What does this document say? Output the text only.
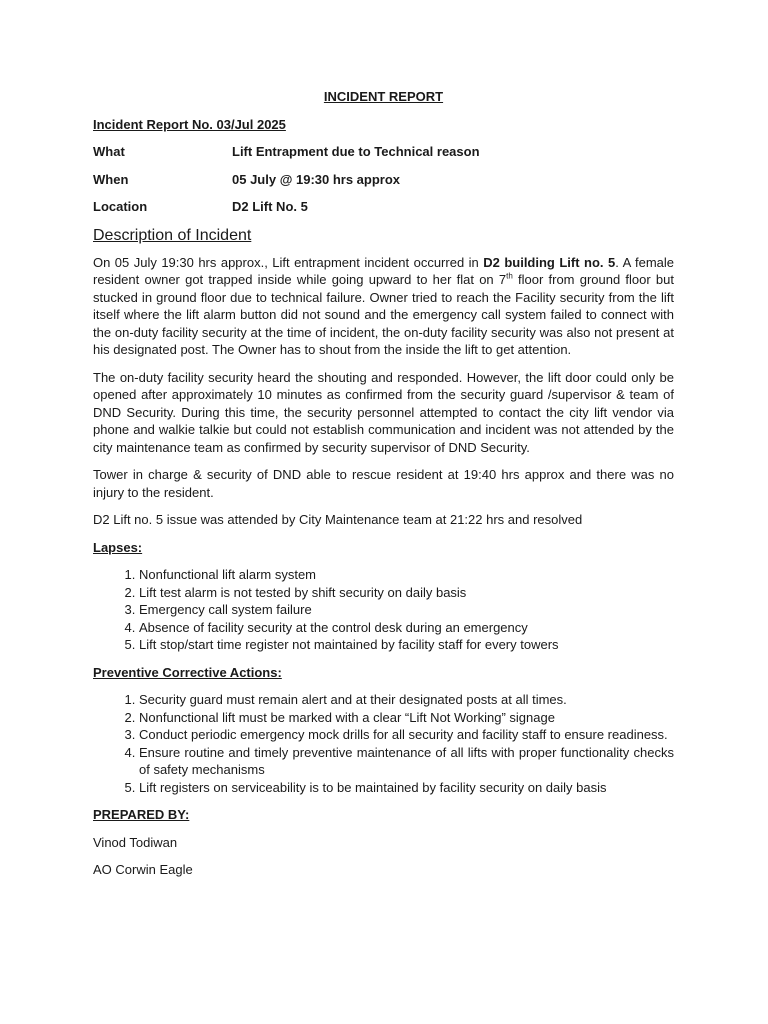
INCIDENT REPORT
Incident Report No. 03/Jul 2025
What	Lift Entrapment due to Technical reason
When	05 July @ 19:30 hrs approx
Location	D2 Lift No. 5
Description of Incident

On 05 July 19:30 hrs approx., Lift entrapment incident occurred in D2 building Lift no. 5. A female resident owner got trapped inside while going upward to her flat on 7th floor from ground floor but stucked in ground floor due to technical failure. Owner tried to reach the Facility security from the lift itself where the lift alarm button did not sound and the emergency call system failed to connect with the on-duty facility security at the time of incident, the on-duty facility security was also not present at his designated post. The Owner has to shout from the inside the lift to get attention.

The on-duty facility security heard the shouting and responded. However, the lift door could only be opened after approximately 10 minutes as confirmed from the security guard /supervisor & team of DND Security. During this time, the security personnel attempted to contact the city lift vendor via phone and walkie talkie but could not establish communication and incident was not attended by the city maintenance team as confirmed by security supervisor of DND Security.

Tower in charge & security of DND able to rescue resident at 19:40 hrs approx and there was no injury to the resident.

D2 Lift no. 5 issue was attended by City Maintenance team at 21:22 hrs and resolved

Lapses:
1. Nonfunctional lift alarm system
2. Lift test alarm is not tested by shift security on daily basis
3. Emergency call system failure
4. Absence of facility security at the control desk during an emergency
5. Lift stop/start time register not maintained by facility staff for every towers
Preventive Corrective Actions:
1. Security guard must remain alert and at their designated posts at all times.
2. Nonfunctional lift must be marked with a clear “Lift Not Working” signage
3. Conduct periodic emergency mock drills for all security and facility staff to ensure readiness.
4. Ensure routine and timely preventive maintenance of all lifts with proper functionality checks of safety mechanisms
5. Lift registers on serviceability is to be maintained by facility security on daily basis
PREPARED BY:
Vinod Todiwan
AO Corwin Eagle
